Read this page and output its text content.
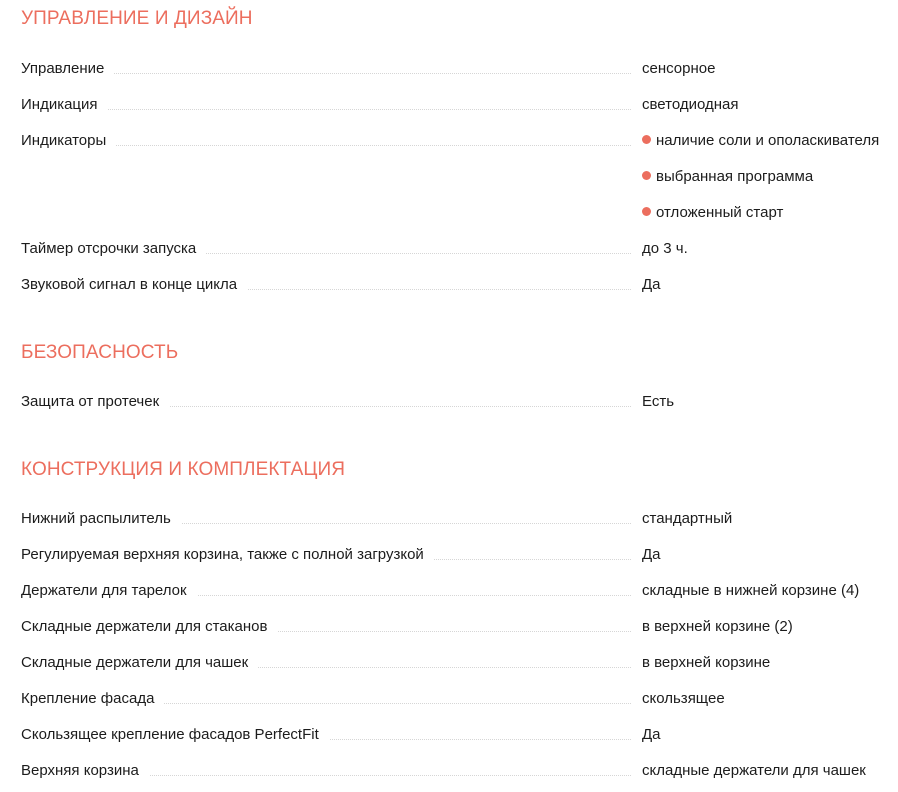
УПРАВЛЕНИЕ И ДИЗАЙН
Управление	сенсорное
Индикация	светодиодная
Индикаторы	наличие соли и ополаскивателя
выбранная программа
отложенный старт
Таймер отсрочки запуска	до 3 ч.
Звуковой сигнал в конце цикла	Да
БЕЗОПАСНОСТЬ
Защита от протечек	Есть
КОНСТРУКЦИЯ И КОМПЛЕКТАЦИЯ
Нижний распылитель	стандартный
Регулируемая верхняя корзина, также с полной загрузкой	Да
Держатели для тарелок	складные в нижней корзине (4)
Складные держатели для стаканов	в верхней корзине (2)
Складные держатели для чашек	в верхней корзине
Крепление фасада	скользящее
Скользящее крепление фасадов PerfectFit	Да
Верхняя корзина	складные держатели для чашек
